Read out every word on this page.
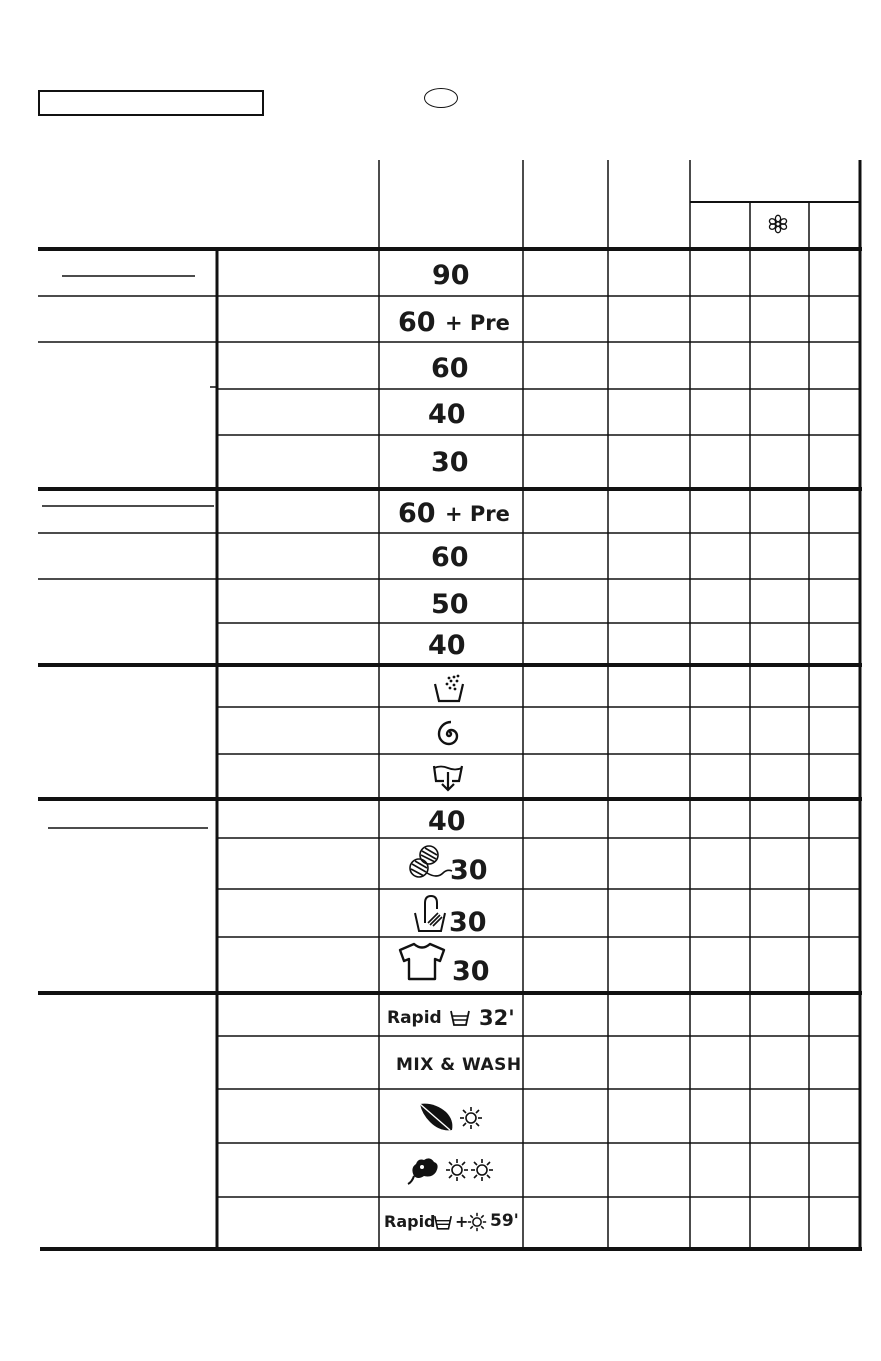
90
60 + Pre
60
40
30
60 + Pre
60
50
40
40
30
30
30
Rapid 32'
MIX & WASH
Rapid + 59'
